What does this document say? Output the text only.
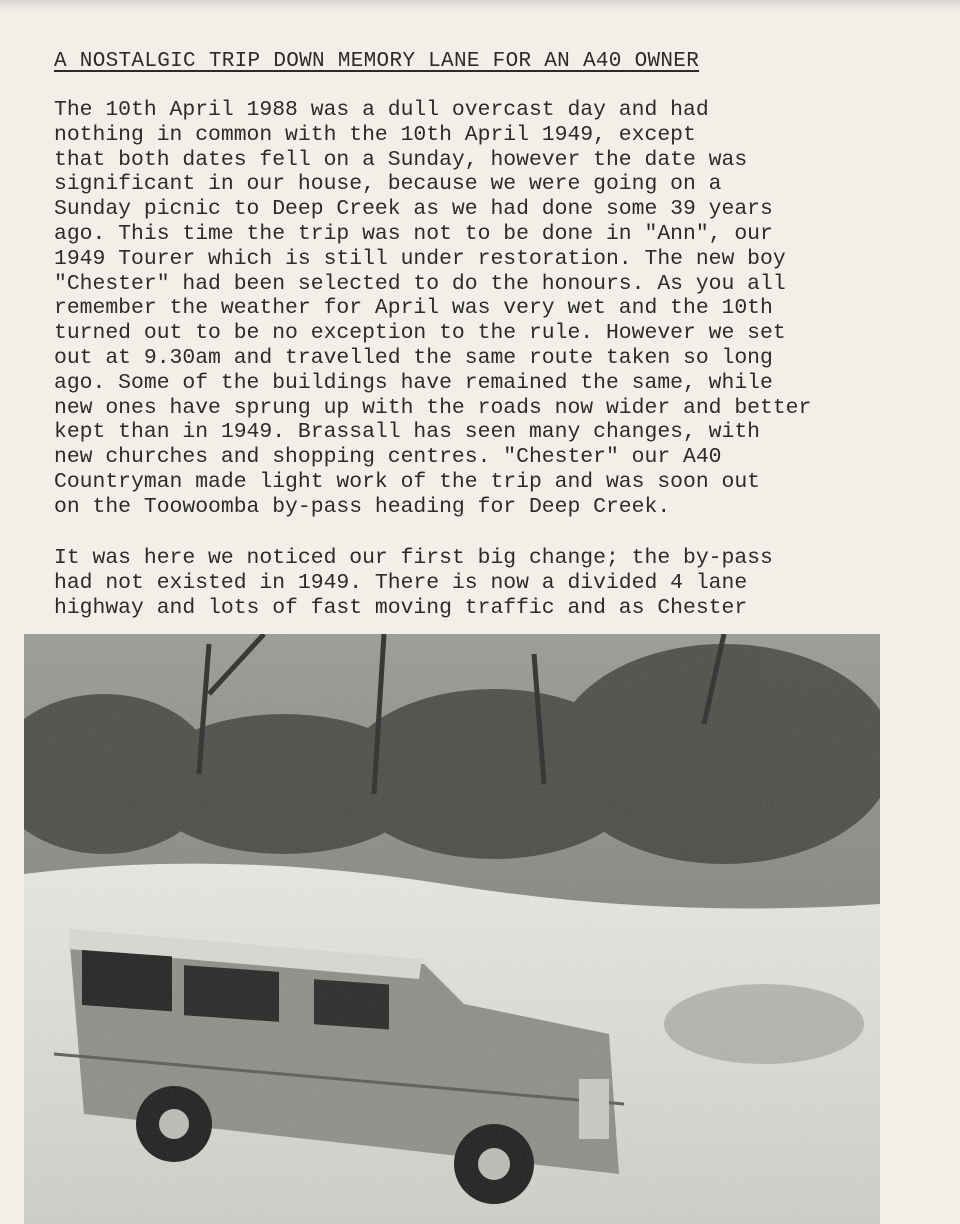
A NOSTALGIC TRIP DOWN MEMORY LANE FOR AN A40 OWNER
The 10th April 1988 was a dull overcast day and had
nothing in common with the 10th April 1949, except
that both dates fell on a Sunday, however the date was
significant in our house, because we were going on a
Sunday picnic to Deep Creek as we had done some 39 years
ago. This time the trip was not to be done in "Ann", our
1949 Tourer which is still under restoration. The new boy
"Chester" had been selected to do the honours. As you all
remember the weather for April was very wet and the 10th
turned out to be no exception to the rule. However we set
out at 9.30am and travelled the same route taken so long
ago. Some of the buildings have remained the same, while
new ones have sprung up with the roads now wider and better
kept than in 1949. Brassall has seen many changes, with
new churches and shopping centres. "Chester" our A40
Countryman made light work of the trip and was soon out
on the Toowoomba by-pass heading for Deep Creek.
It was here we noticed our first big change; the by-pass
had not existed in 1949. There is now a divided 4 lane
highway and lots of fast moving traffic and as Chester
